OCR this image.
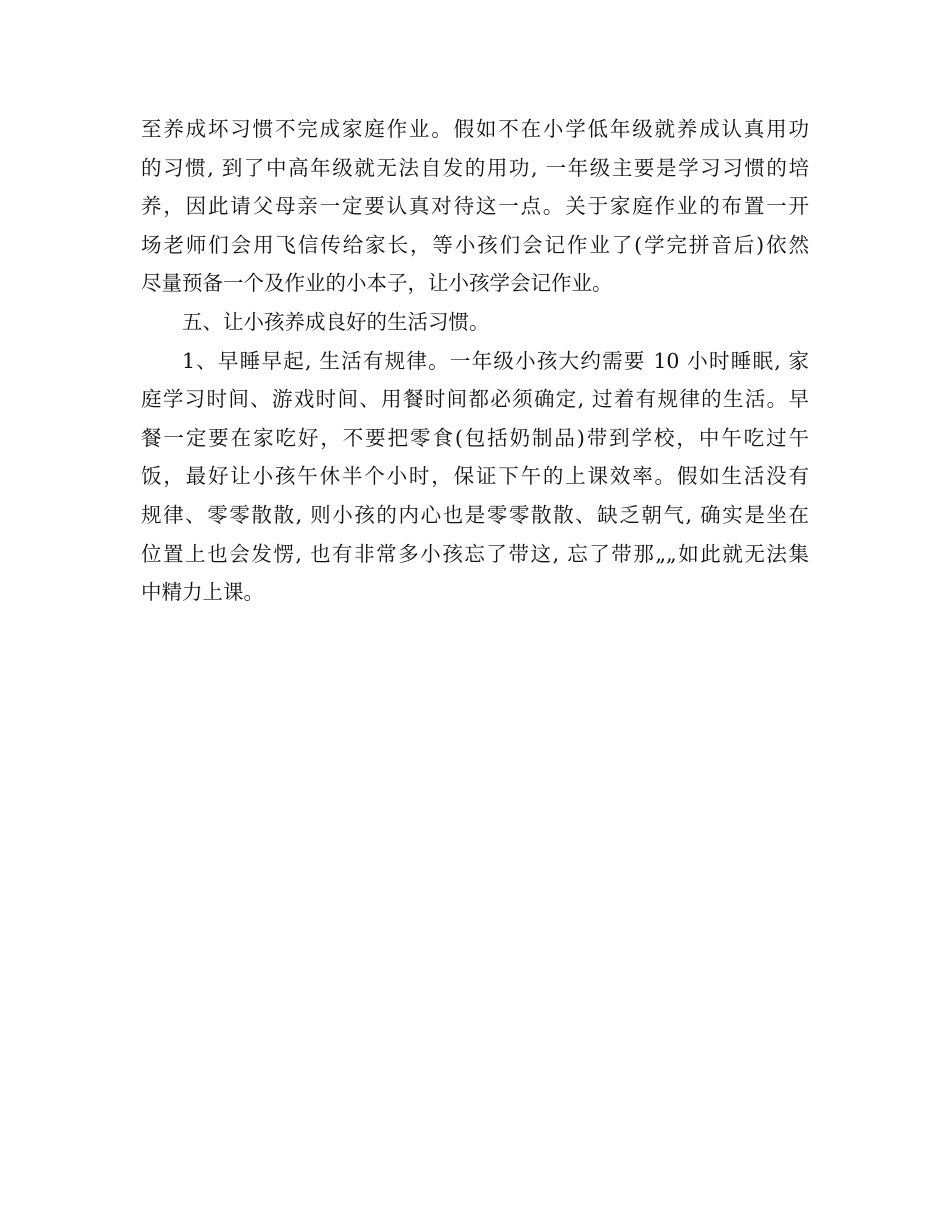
至养成坏习惯不完成家庭作业。假如不在小学低年级就养成认真用功
的习惯, 到了中高年级就无法自发的用功, 一年级主要是学习习惯的培
养，因此请父母亲一定要认真对待这一点。关于家庭作业的布置一开
场老师们会用飞信传给家长，等小孩们会记作业了(学完拼音后)依然
尽量预备一个及作业的小本子，让小孩学会记作业。
五、让小孩养成良好的生活习惯。
1、早睡早起, 生活有规律。一年级小孩大约需要 10 小时睡眠, 家
庭学习时间、游戏时间、用餐时间都必须确定, 过着有规律的生活。早
餐一定要在家吃好，不要把零食(包括奶制品)带到学校，中午吃过午
饭，最好让小孩午休半个小时，保证下午的上课效率。假如生活没有
规律、零零散散, 则小孩的内心也是零零散散、缺乏朝气, 确实是坐在
位置上也会发愣, 也有非常多小孩忘了带这, 忘了带那„„如此就无法集
中精力上课。
